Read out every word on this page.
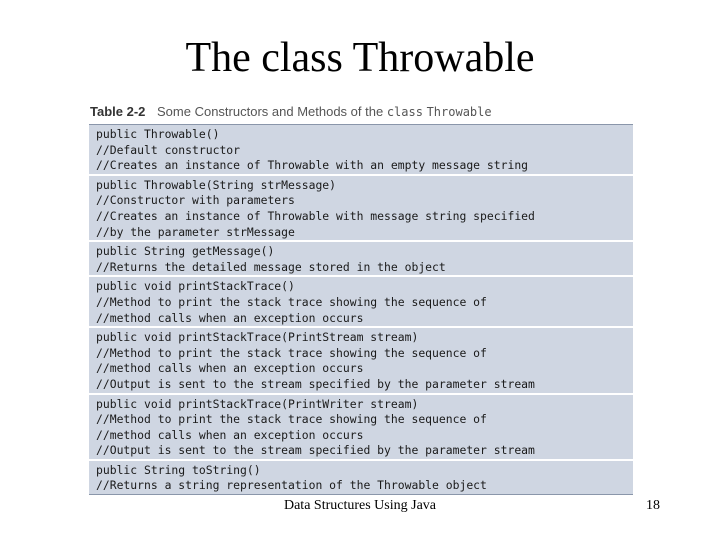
The class Throwable
Table 2-2 Some Constructors and Methods of the class Throwable
public Throwable()
//Default constructor
//Creates an instance of Throwable with an empty message string
public Throwable(String strMessage)
//Constructor with parameters
//Creates an instance of Throwable with message string specified
//by the parameter strMessage
public String getMessage()
//Returns the detailed message stored in the object
public void printStackTrace()
//Method to print the stack trace showing the sequence of
//method calls when an exception occurs
public void printStackTrace(PrintStream stream)
//Method to print the stack trace showing the sequence of
//method calls when an exception occurs
//Output is sent to the stream specified by the parameter stream
public void printStackTrace(PrintWriter stream)
//Method to print the stack trace showing the sequence of
//method calls when an exception occurs
//Output is sent to the stream specified by the parameter stream
public String toString()
//Returns a string representation of the Throwable object
Data Structures Using Java	18
